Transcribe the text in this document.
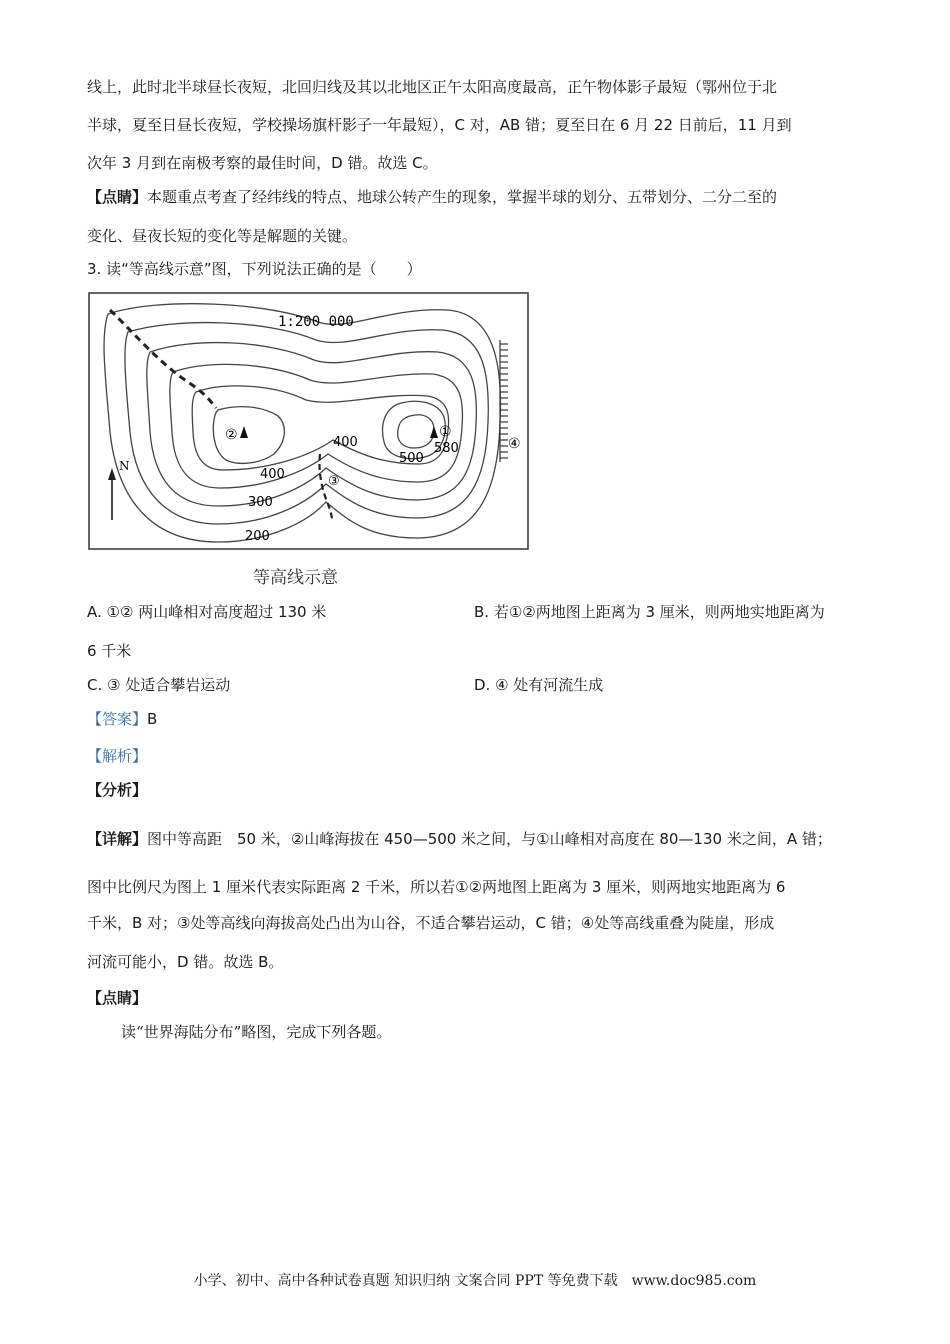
线上，此时北半球昼长夜短，北回归线及其以北地区正午太阳高度最高，正午物体影子最短（鄂州位于北
半球，夏至日昼长夜短，学校操场旗杆影子一年最短），C 对，AB 错；夏至日在 6 月 22 日前后，11 月到
次年 3 月到在南极考察的最佳时间，D 错。故选 C。
【点睛】本题重点考查了经纬线的特点、地球公转产生的现象，掌握半球的划分、五带划分、二分二至的
变化、昼夜长短的变化等是解题的关键。
3. 读“等高线示意”图，下列说法正确的是（　　）
N
1:200 000
②	①
③
④
400
400
500
580
300
200
等高线示意
A. ①② 两山峰相对高度超过 130 米	B. 若①②两地图上距离为 3 厘米，则两地实地距离为
6 千米
C. ③ 处适合攀岩运动	D. ④ 处有河流生成
【答案】B
【解析】
【分析】
【详解】图中等高距　50 米，②山峰海拔在 450—500 米之间，与①山峰相对高度在 80—130 米之间，A 错；
图中比例尺为图上 1 厘米代表实际距离 2 千米，所以若①②两地图上距离为 3 厘米，则两地实地距离为 6
千米，B 对；③处等高线向海拔高处凸出为山谷，不适合攀岩运动，C 错；④处等高线重叠为陡崖，形成
河流可能小，D 错。故选 B。
【点睛】
读“世界海陆分布”略图，完成下列各题。
小学、初中、高中各种试卷真题 知识归纳 文案合同 PPT 等免费下载　www.doc985.com
